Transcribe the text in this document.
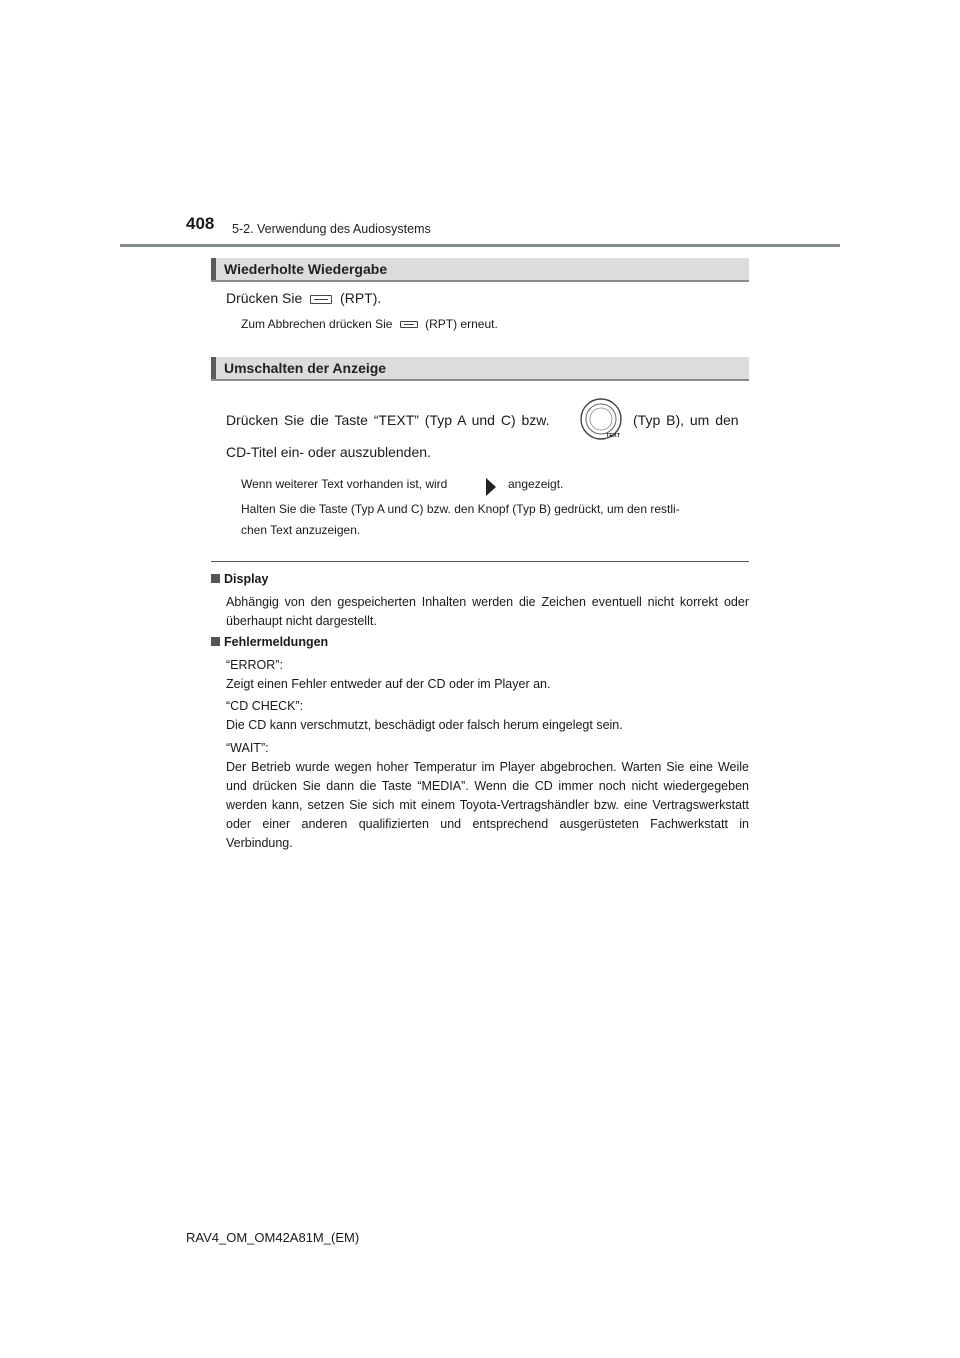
408 5-2. Verwendung des Audiosystems
Wiederholte Wiedergabe
Drücken Sie	(RPT).
Zum Abbrechen drücken Sie	(RPT) erneut.
Umschalten der Anzeige
Drücken Sie die Taste “TEXT” (Typ A und C) bzw.
TEXT
(Typ B), um den
CD-Titel ein- oder auszublenden.
Wenn weiterer Text vorhanden ist, wird	angezeigt.
Halten Sie die Taste (Typ A und C) bzw. den Knopf (Typ B) gedrückt, um den restli-
chen Text anzuzeigen.
Display
Abhängig von den gespeicherten Inhalten werden die Zeichen eventuell nicht korrekt oder überhaupt nicht dargestellt.
Fehlermeldungen
“ERROR”:
Zeigt einen Fehler entweder auf der CD oder im Player an.
“CD CHECK”:
Die CD kann verschmutzt, beschädigt oder falsch herum eingelegt sein.
“WAIT”:
Der Betrieb wurde wegen hoher Temperatur im Player abgebrochen. Warten Sie eine Weile und drücken Sie dann die Taste “MEDIA”. Wenn die CD immer noch nicht wiedergegeben werden kann, setzen Sie sich mit einem Toyota-Vertragshändler bzw. eine Vertragswerkstatt oder einer anderen qualifizierten und entsprechend ausgerüsteten Fachwerkstatt in Verbindung.
RAV4_OM_OM42A81M_(EM)
